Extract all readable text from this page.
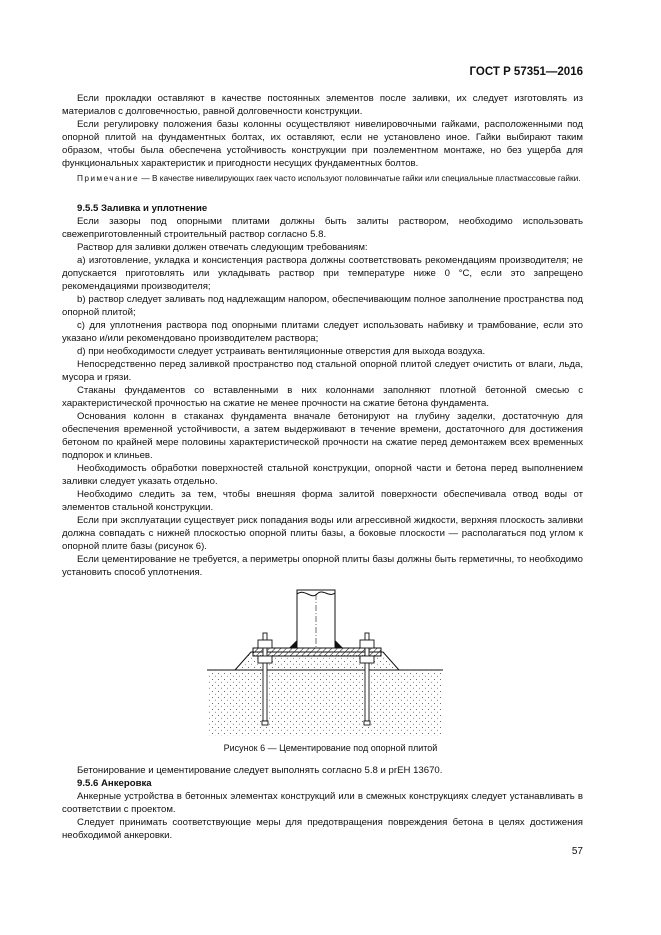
ГОСТ Р 57351—2016

Если прокладки оставляют в качестве постоянных элементов после заливки, их следует изготовлять из материалов с долговечностью, равной долговечности конструкции.

Если регулировку положения базы колонны осуществляют нивелировочными гайками, расположенными под опорной плитой на фундаментных болтах, их оставляют, если не установлено иное. Гайки выбирают таким образом, чтобы была обеспечена устойчивость конструкции при поэлементном монтаже, но без ущерба для функциональных характеристик и пригодности несущих фундаментных болтов.

Примечание — В качестве нивелирующих гаек часто используют половинчатые гайки или специальные пластмассовые гайки.

9.5.5 Заливка и уплотнение

Если зазоры под опорными плитами должны быть залиты раствором, необходимо использовать свежеприготовленный строительный раствор согласно 5.8.

Раствор для заливки должен отвечать следующим требованиям:

a) изготовление, укладка и консистенция раствора должны соответствовать рекомендациям производителя; не допускается приготовлять или укладывать раствор при температуре ниже 0 °С, если это запрещено рекомендациями производителя;

b) раствор следует заливать под надлежащим напором, обеспечивающим полное заполнение пространства под опорной плитой;

c) для уплотнения раствора под опорными плитами следует использовать набивку и трамбование, если это указано и/или рекомендовано производителем раствора;

d) при необходимости следует устраивать вентиляционные отверстия для выхода воздуха.

Непосредственно перед заливкой пространство под стальной опорной плитой следует очистить от влаги, льда, мусора и грязи.

Стаканы фундаментов со вставленными в них колоннами заполняют плотной бетонной смесью с характеристической прочностью на сжатие не менее прочности на сжатие бетона фундамента.

Основания колонн в стаканах фундамента вначале бетонируют на глубину заделки, достаточную для обеспечения временной устойчивости, а затем выдерживают в течение времени, достаточного для достижения бетоном по крайней мере половины характеристической прочности на сжатие перед демонтажем всех временных подпорок и клиньев.

Необходимость обработки поверхностей стальной конструкции, опорной части и бетона перед выполнением заливки следует указать отдельно.

Необходимо следить за тем, чтобы внешняя форма залитой поверхности обеспечивала отвод воды от элементов стальной конструкции.

Если при эксплуатации существует риск попадания воды или агрессивной жидкости, верхняя плоскость заливки должна совпадать с нижней плоскостью опорной плиты базы, а боковые плоскости — располагаться под углом к опорной плите базы (рисунок 6).

Если цементирование не требуется, а периметры опорной плиты базы должны быть герметичны, то необходимо установить способ уплотнения.

Рисунок 6 — Цементирование под опорной плитой

Бетонирование и цементирование следует выполнять согласно 5.8 и prEH 13670.

9.5.6 Анкеровка

Анкерные устройства в бетонных элементах конструкций или в смежных конструкциях следует устанавливать в соответствии с проектом.

Следует принимать соответствующие меры для предотвращения повреждения бетона в целях достижения необходимой анкеровки.

57
